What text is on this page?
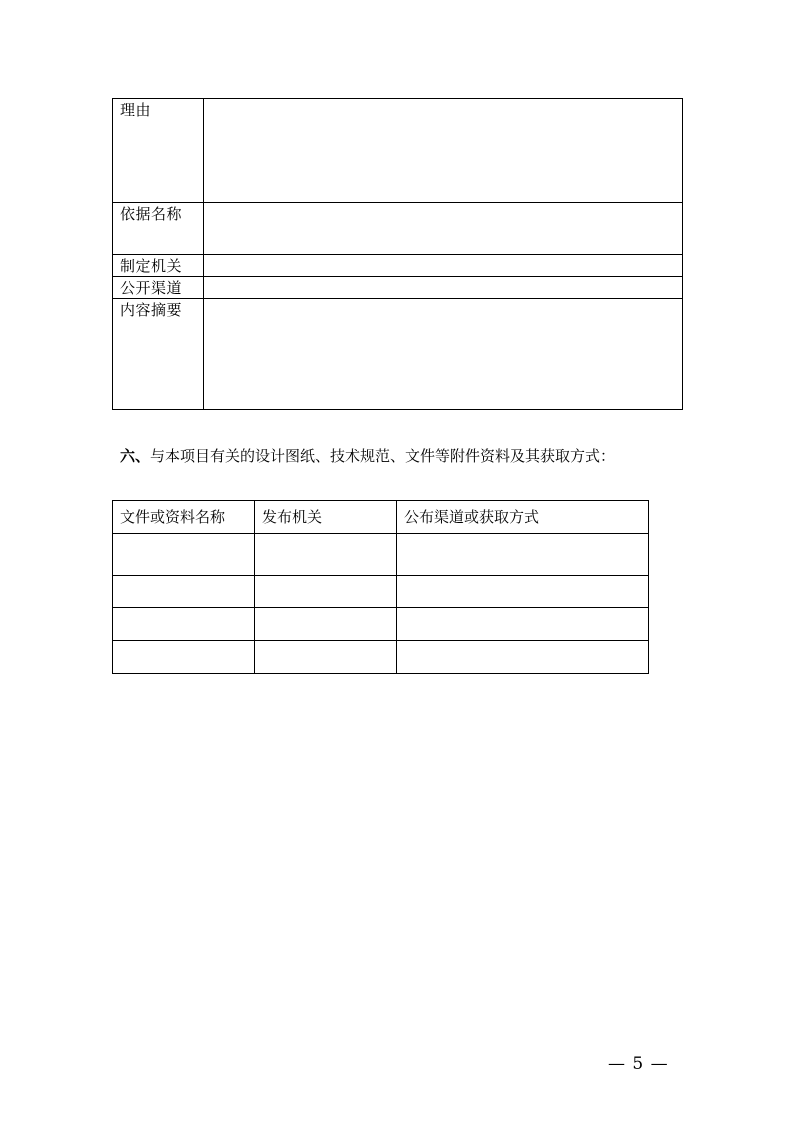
理由	
依据名称	
制定机关	
公开渠道	
内容摘要	
六、与本项目有关的设计图纸、技术规范、文件等附件资料及其获取方式：
文件或资料名称	发布机关	公布渠道或获取方式

— 5 —
